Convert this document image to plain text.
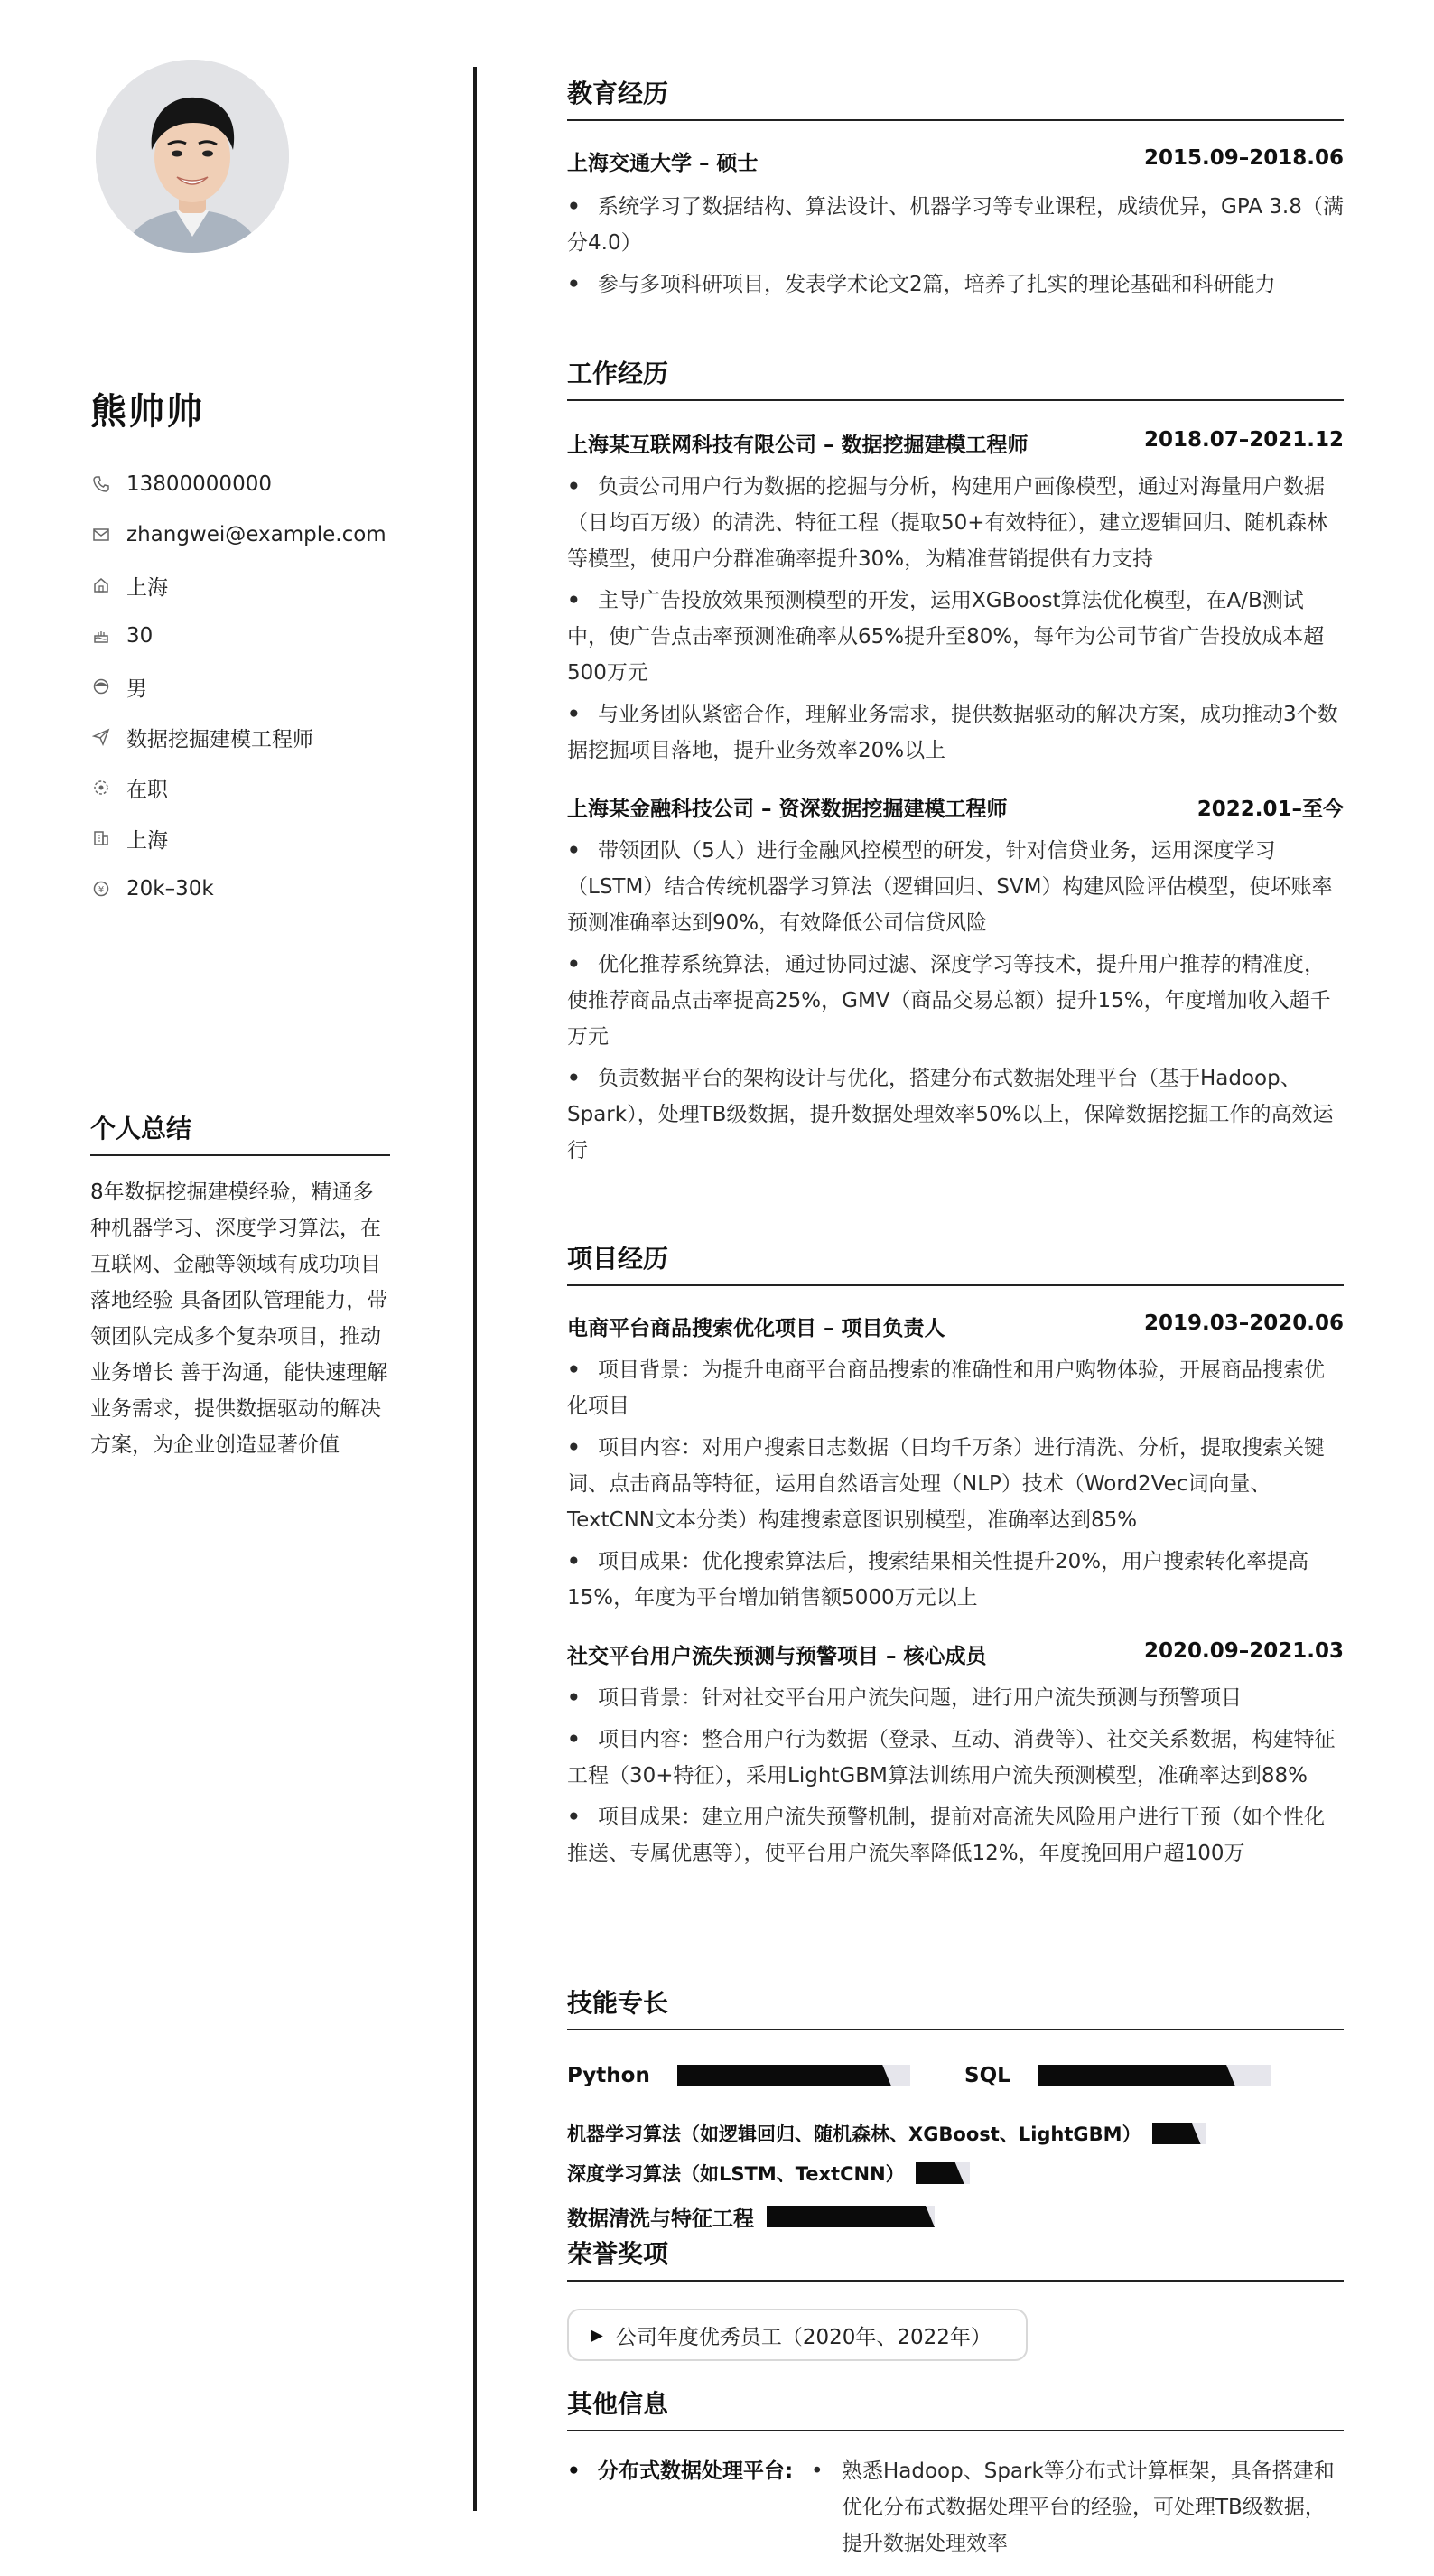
熊帅帅
13800000000
zhangwei@example.com
上海
30
男
数据挖掘建模工程师
在职
上海
¥ 20k–30k
个人总结
8年数据挖掘建模经验，精通多种机器学习、深度学习算法，在互联网、金融等领域有成功项目落地经验 具备团队管理能力，带领团队完成多个复杂项目，推动业务增长 善于沟通，能快速理解业务需求，提供数据驱动的解决方案，为企业创造显著价值
教育经历
上海交通大学 – 硕士	2015.09–2018.06
• 系统学习了数据结构、算法设计、机器学习等专业课程，成绩优异，GPA 3.8（满分4.0）
• 参与多项科研项目，发表学术论文2篇，培养了扎实的理论基础和科研能力
工作经历
上海某互联网科技有限公司 – 数据挖掘建模工程师	2018.07–2021.12
• 负责公司用户行为数据的挖掘与分析，构建用户画像模型，通过对海量用户数据（日均百万级）的清洗、特征工程（提取50+有效特征），建立逻辑回归、随机森林等模型，使用户分群准确率提升30%，为精准营销提供有力支持
• 主导广告投放效果预测模型的开发，运用XGBoost算法优化模型，在A/B测试中，使广告点击率预测准确率从65%提升至80%，每年为公司节省广告投放成本超500万元
• 与业务团队紧密合作，理解业务需求，提供数据驱动的解决方案，成功推动3个数据挖掘项目落地，提升业务效率20%以上
上海某金融科技公司 – 资深数据挖掘建模工程师	2022.01–至今
• 带领团队（5人）进行金融风控模型的研发，针对信贷业务，运用深度学习（LSTM）结合传统机器学习算法（逻辑回归、SVM）构建风险评估模型，使坏账率预测准确率达到90%，有效降低公司信贷风险
• 优化推荐系统算法，通过协同过滤、深度学习等技术，提升用户推荐的精准度，使推荐商品点击率提高25%，GMV（商品交易总额）提升15%，年度增加收入超千万元
• 负责数据平台的架构设计与优化，搭建分布式数据处理平台（基于Hadoop、Spark），处理TB级数据，提升数据处理效率50%以上，保障数据挖掘工作的高效运行
项目经历
电商平台商品搜索优化项目 – 项目负责人	2019.03–2020.06
• 项目背景：为提升电商平台商品搜索的准确性和用户购物体验，开展商品搜索优化项目
• 项目内容：对用户搜索日志数据（日均千万条）进行清洗、分析，提取搜索关键词、点击商品等特征，运用自然语言处理（NLP）技术（Word2Vec词向量、TextCNN文本分类）构建搜索意图识别模型，准确率达到85%
• 项目成果：优化搜索算法后，搜索结果相关性提升20%，用户搜索转化率提高15%，年度为平台增加销售额5000万元以上
社交平台用户流失预测与预警项目 – 核心成员	2020.09–2021.03
• 项目背景：针对社交平台用户流失问题，进行用户流失预测与预警项目
• 项目内容：整合用户行为数据（登录、互动、消费等）、社交关系数据，构建特征工程（30+特征），采用LightGBM算法训练用户流失预测模型，准确率达到88%
• 项目成果：建立用户流失预警机制，提前对高流失风险用户进行干预（如个性化推送、专属优惠等），使平台用户流失率降低12%，年度挽回用户超100万
技能专长
Python	SQL
机器学习算法（如逻辑回归、随机森林、XGBoost、LightGBM）
深度学习算法（如LSTM、TextCNN）
数据清洗与特征工程
荣誉奖项
▶ 公司年度优秀员工（2020年、2022年）
其他信息
• 分布式数据处理平台: • 熟悉Hadoop、Spark等分布式计算框架，具备搭建和优化分布式数据处理平台的经验，可处理TB级数据，提升数据处理效率
